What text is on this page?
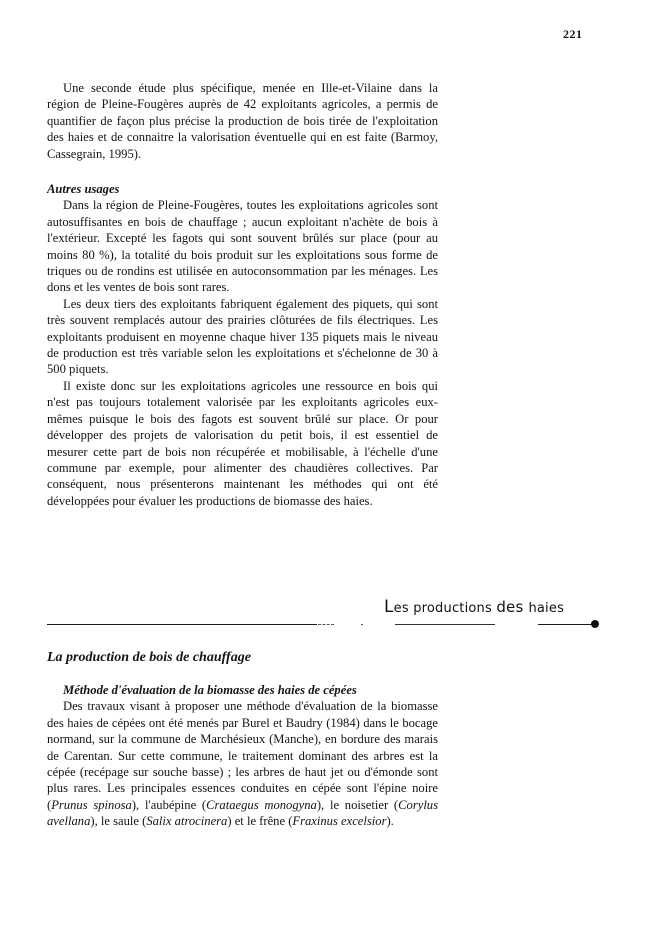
221

Une seconde étude plus spécifique, menée en Ille-et-Vilaine dans la région de Pleine-Fougères auprès de 42 exploitants agricoles, a permis de quantifier de façon plus précise la production de bois tirée de l'exploitation des haies et de connaitre la valorisation éventuelle qui en est faite (Barmoy, Cassegrain, 1995).

Autres usages

Dans la région de Pleine-Fougères, toutes les exploitations agricoles sont autosuffisantes en bois de chauffage ; aucun exploitant n'achète de bois à l'extérieur. Excepté les fagots qui sont souvent brûlés sur place (pour au moins 80 %), la totalité du bois produit sur les exploitations sous forme de triques ou de rondins est utilisée en autoconsommation par les ménages. Les dons et les ventes de bois sont rares.

Les deux tiers des exploitants fabriquent également des piquets, qui sont très souvent remplacés autour des prairies clôturées de fils électriques. Les exploitants produisent en moyenne chaque hiver 135 piquets mais le niveau de production est très variable selon les exploitations et s'échelonne de 30 à 500 piquets.

Il existe donc sur les exploitations agricoles une ressource en bois qui n'est pas toujours totalement valorisée par les exploitants agricoles eux-mêmes puisque le bois des fagots est souvent brûlé sur place. Or pour développer des projets de valorisation du petit bois, il est essentiel de mesurer cette part de bois non récupérée et mobilisable, à l'échelle d'une commune par exemple, pour alimenter des chaudières collectives. Par conséquent, nous présenterons maintenant les méthodes qui ont été développées pour évaluer les productions de biomasse des haies.

Les productions des haies
La production de bois de chauffage

Méthode d'évaluation de la biomasse des haies de cépées

Des travaux visant à proposer une méthode d'évaluation de la biomasse des haies de cépées ont été menés par Burel et Baudry (1984) dans le bocage normand, sur la commune de Marchésieux (Manche), en bordure des marais de Carentan. Sur cette commune, le traitement dominant des arbres est la cépée (recépage sur souche basse) ; les arbres de haut jet ou d'émonde sont plus rares. Les principales essences conduites en cépée sont l'épine noire (Prunus spinosa), l'aubépine (Crataegus monogyna), le noisetier (Corylus avellana), le saule (Salix atrocinera) et le frêne (Fraxinus excelsior).
